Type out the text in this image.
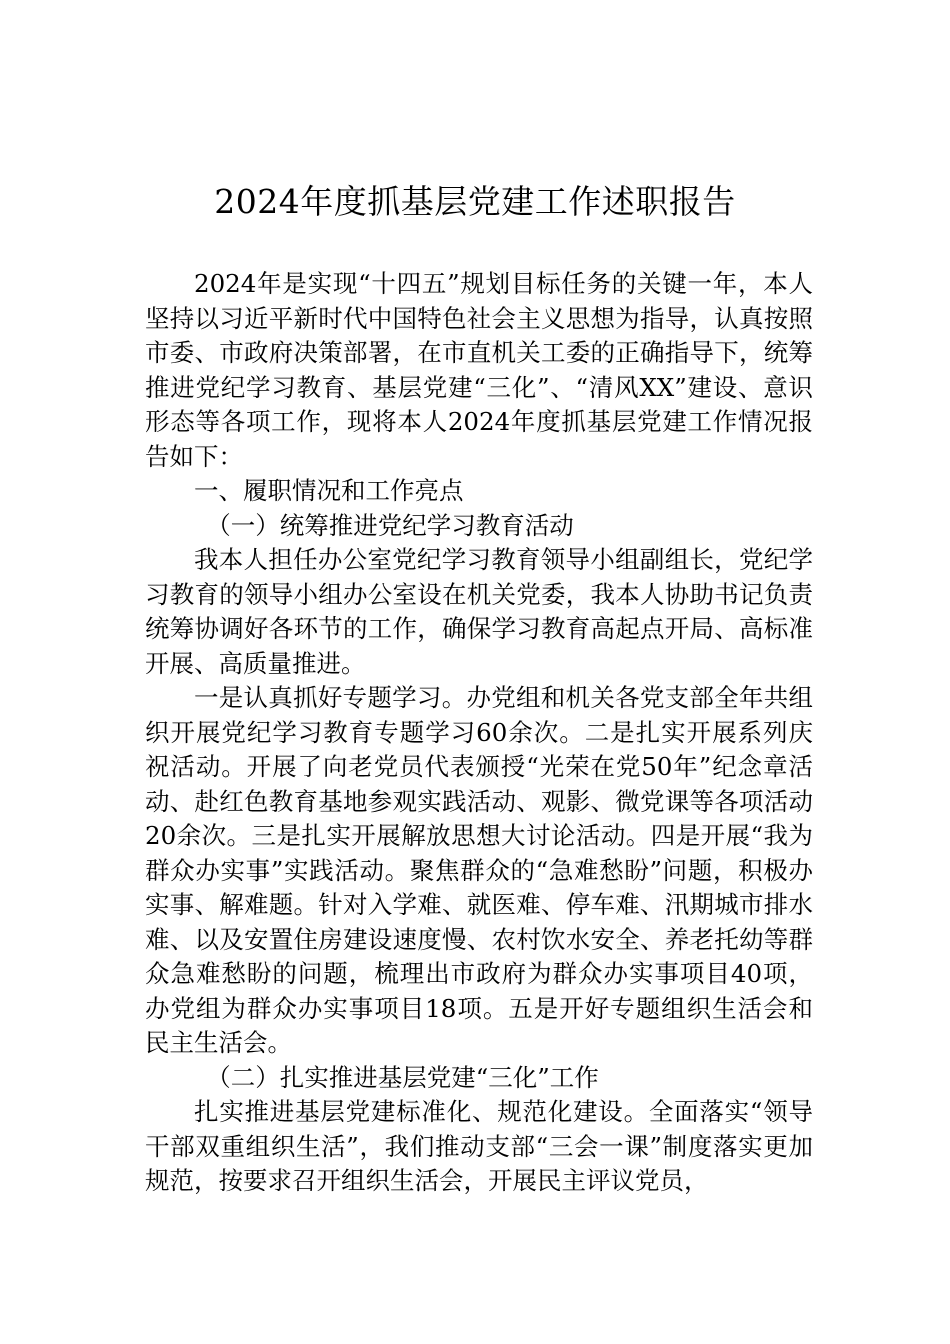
2024年度抓基层党建工作述职报告

2024年是实现“十四五”规划目标任务的关键一年，本人坚持以习近平新时代中国特色社会主义思想为指导，认真按照市委、市政府决策部署，在市直机关工委的正确指导下，统筹推进党纪学习教育、基层党建“三化”、“清风XX”建设、意识形态等各项工作，现将本人2024年度抓基层党建工作情况报告如下：

一、履职情况和工作亮点

（一）统筹推进党纪学习教育活动

我本人担任办公室党纪学习教育领导小组副组长，党纪学习教育的领导小组办公室设在机关党委，我本人协助书记负责统筹协调好各环节的工作，确保学习教育高起点开局、高标准开展、高质量推进。

一是认真抓好专题学习。办党组和机关各党支部全年共组织开展党纪学习教育专题学习60余次。二是扎实开展系列庆祝活动。开展了向老党员代表颁授“光荣在党50年”纪念章活动、赴红色教育基地参观实践活动、观影、微党课等各项活动20余次。三是扎实开展解放思想大讨论活动。四是开展“我为群众办实事”实践活动。聚焦群众的“急难愁盼”问题，积极办实事、解难题。针对入学难、就医难、停车难、汛期城市排水难、以及安置住房建设速度慢、农村饮水安全、养老托幼等群众急难愁盼的问题，梳理出市政府为群众办实事项目40项，办党组为群众办实事项目18项。五是开好专题组织生活会和民主生活会。

（二）扎实推进基层党建“三化”工作

扎实推进基层党建标准化、规范化建设。全面落实“领导干部双重组织生活”，我们推动支部“三会一课”制度落实更加规范，按要求召开组织生活会，开展民主评议党员，
